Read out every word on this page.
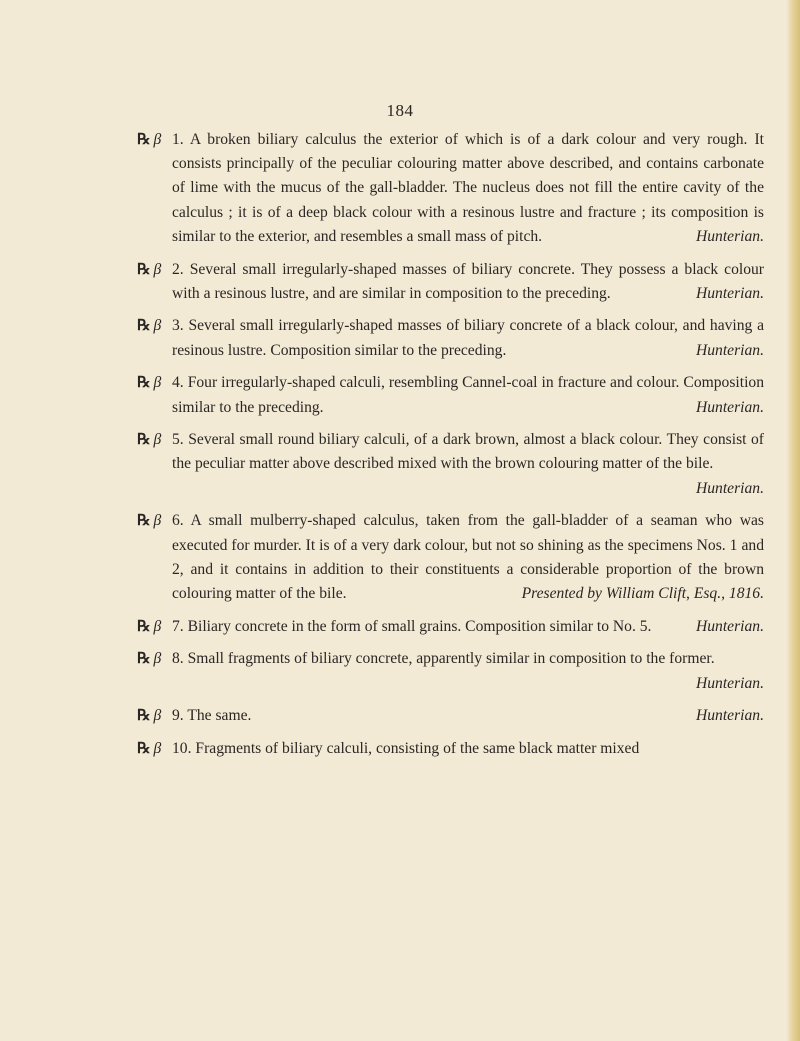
184
℞ β 1. A broken biliary calculus the exterior of which is of a dark colour and very rough. It consists principally of the peculiar colouring matter above described, and contains carbonate of lime with the mucus of the gall-bladder. The nucleus does not fill the entire cavity of the calculus ; it is of a deep black colour with a resinous lustre and fracture ; its composition is similar to the exterior, and resembles a small mass of pitch.	Hunterian.
℞ β 2. Several small irregularly-shaped masses of biliary concrete. They possess a black colour with a resinous lustre, and are similar in composition to the preceding.	Hunterian.
℞ β 3. Several small irregularly-shaped masses of biliary concrete of a black colour, and having a resinous lustre. Composition similar to the preceding.	Hunterian.
℞ β 4. Four irregularly-shaped calculi, resembling Cannel-coal in fracture and colour. Composition similar to the preceding.	Hunterian.
℞ β 5. Several small round biliary calculi, of a dark brown, almost a black colour. They consist of the peculiar matter above described mixed with the brown colouring matter of the bile.
Hunterian.
℞ β 6. A small mulberry-shaped calculus, taken from the gall-bladder of a seaman who was executed for murder. It is of a very dark colour, but not so shining as the specimens Nos. 1 and 2, and it contains in addition to their constituents a considerable proportion of the brown colouring matter of the bile.	Presented by William Clift, Esq., 1816.
℞ β 7. Biliary concrete in the form of small grains. Composition similar to No. 5.	Hunterian.
℞ β 8. Small fragments of biliary concrete, apparently similar in composition to the former.
Hunterian.
℞ β 9. The same.	Hunterian.
℞ β 10. Fragments of biliary calculi, consisting of the same black matter mixed
